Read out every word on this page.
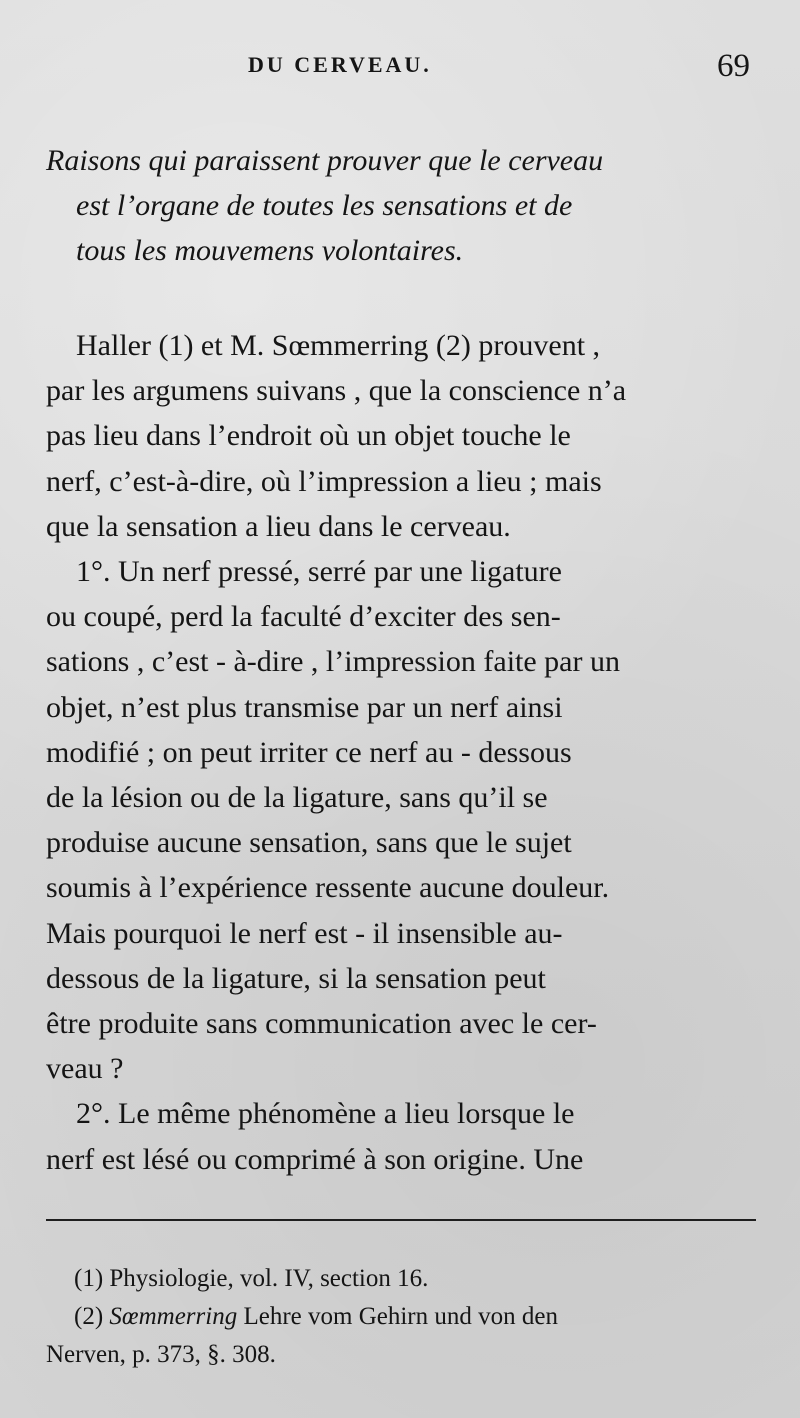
DU CERVEAU.	69
Raisons qui paraissent prouver que le cerveau
est l’organe de toutes les sensations et de
tous les mouvemens volontaires.
Haller (1) et M. Sœmmerring (2) prouvent ,
par les argumens suivans , que la conscience n’a
pas lieu dans l’endroit où un objet touche le
nerf, c’est-à-dire, où l’impression a lieu ; mais
que la sensation a lieu dans le cerveau.
1°. Un nerf pressé, serré par une ligature
ou coupé, perd la faculté d’exciter des sen-
sations , c’est - à-dire , l’impression faite par un
objet, n’est plus transmise par un nerf ainsi
modifié ; on peut irriter ce nerf au - dessous
de la lésion ou de la ligature, sans qu’il se
produise aucune sensation, sans que le sujet
soumis à l’expérience ressente aucune douleur.
Mais pourquoi le nerf est - il insensible au-
dessous de la ligature, si la sensation peut
être produite sans communication avec le cer-
veau ?
2°. Le même phénomène a lieu lorsque le
nerf est lésé ou comprimé à son origine. Une
(1) Physiologie, vol. IV, section 16.
(2) Sœmmerring Lehre vom Gehirn und von den
Nerven, p. 373, §. 308.
